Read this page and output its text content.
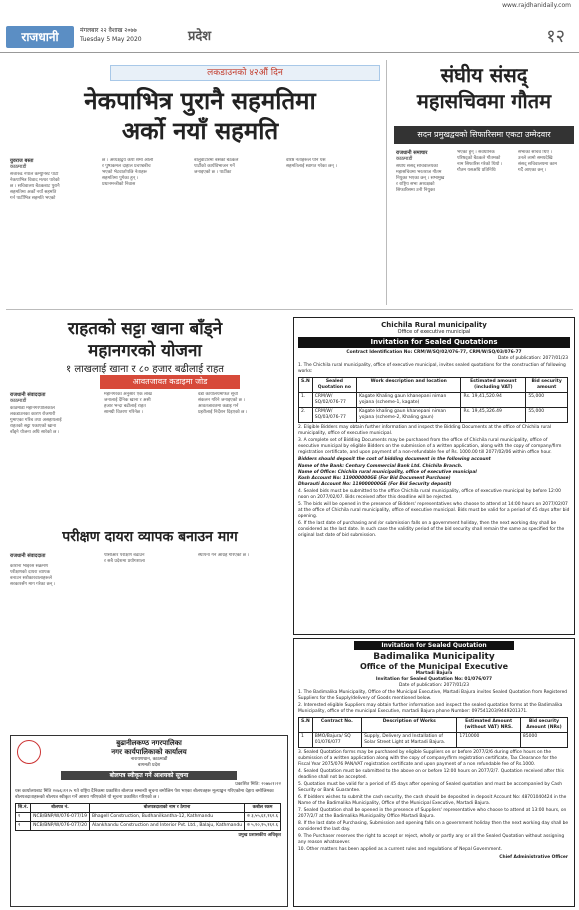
www.rajdhanidaily.com
राजधानी	मंगलबार २२ वैशाख २०७७
Tuesday 5 May 2020	प्रदेश	१२
लकडाउनको ४२औं दिन
नेकपाभित्र पुरानै सहमतिमा
अर्को नयाँ सहमति
युवराज बस्ता
काठमाडौं
सत्तारुढ नेपाल कम्युनिस्ट पार्टी
नेकपाभित्र विवाद मत्थर पारेको
छ । सचिवालय बैठकबाट पुरानै
सहमतिमा अर्को नयाँ सहमति
गर्न पार्टीभित्र सहमति भएको
छ । अध्यक्षद्वय केपी शर्मा ओली
र पुष्पकमल दाहाल प्रचण्डबीच
भएको भेटवार्तापछि नेताहरू
सहमतिमा पुगेका हुन् ।
प्रधानमन्त्रीको निवास
बालुवाटारमा बसेको बैठकले
पार्टीको कार्यविभाजन गर्ने
जनाइएको छ । पार्टीका
वरिष्ठ नेताहरूले पनि यस
सहमतिलाई स्वागत गरेका छन् ।
संघीय संसद्
महासचिवमा गौतम
सदन प्रमुखद्वयको सिफारिसमा एकटा उम्मेदवार
राजधानी समाचार
काठमाडौं
संघीय संसद् सचिवालयको
महासचिवमा भरतराज गौतम
नियुक्त भएका छन् । सभामुख
र राष्ट्रिय सभा अध्यक्षको
सिफारिसमा उनी नियुक्त
भएका हुन् । संवैधानिक
परिषद्को बैठकले गौतमको
नाम सिफारिस गरेको थियो ।
गौतम यसअघि प्रतिनिधि
सभाका सचिव थिए ।
उनले लामो समयदेखि
संसद् सचिवालयमा काम
गर्दै आएका छन् ।
राहतको सट्टा खाना बाँड्ने
महानगरको योजना
१ लाखलाई खाना र ८० हजार बढीलाई राहत
आवतजावत कडाइमा जोड
राजधानी संवाददाता
काठमाडौं
काठमाडौं महानगरपालिकाले
लकडाउनका कारण रोजगारी
गुमाएका गरिब तथा असहायलाई
राहतको सट्टा पकाएको खाना
बाँड्ने योजना अघि सारेको छ ।
महानगरका अनुसार एक लाख
जनालाई दैनिक खाना र असी
हजार भन्दा बढीलाई राहत
सामग्री वितरण गरिनेछ ।
वडा कार्यालयमार्फत सूची
संकलन गरिने जनाइएको छ ।
आवतजावतमा कडाइ गर्न
प्रहरीलाई निर्देशन दिइएको छ ।
परीक्षण दायरा व्यापक बनाउन माग
राजधानी संवाददाता
कोरोना भाइरस संक्रमण
परीक्षणको दायरा व्यापक
बनाउन सरोकारवालाहरूले
सरकारसँग माग गरेका छन् ।
पीसीआर परीक्षण बढाउन
र सबै प्रदेशमा प्रयोगशाला
स्थापना गर्न आग्रह गरिएको छ ।
Chichila Rural municipality
Office of executive municipal
Invitation for Sealed Quotations
Contract Identification No: CRM/W/SQ/02/076-77, CRM/W/SQ/03/076-77
Date of publication: 2077/01/23
1. The Chichila rural municipality, office of executive municipal, invites sealed quotations for the construction of following works:
S.N	Sealed Quotation no	Work description and location	Estimated amount (including VAT)	Bid security amount
1.	CRM/W/ SQ/02/076-77	Kagate Khaling gaun khanepani niman yojana (scheme-1, kagate)	Rs. 19,41,520.94	55,000
2.	CRM/W/ SQ/03/076-77	Kagate khaling gaun khanepani niman yojana (scheme-2, Khaling gaun)	Rs. 19,45,326.49	55,000
2. Eligible Bidders may obtain further information and inspect the Bidding Documents at the office of Chichila rural municipality, office of executive municipal.
3. A complete set of Bidding Documents may be purchased from the office of Chichila rural municipality, office of executive municipal by eligible Bidders on the submission of a written application, along with the copy of company/firm registration certificate, and upon payment of a non-refundable fee of Rs. 1000.00 till 2077/02/06 within office hour.
Bidders should deposit the cost of bidding document in the following account
Name of the Bank: Century Commercial Bank Ltd. Chichila Branch.
Name of Office: Chichila rural municipality, office of executive municipal
Kosh Account No: 119000000GE (For Bid Document Purchase)
Dharauti Account No: 119000000GE (For Bid Security deposit)
4. Sealed bids must be submitted to the office Chichila rural municipality, office of executive municipal by before 12:00 noon on 2077/02/07. Bids received after this deadline will be rejected.
5. The bids will be opened in the presence of Bidders' representatives who choose to attend at 14:00 hours on 2077/02/07 at the office of Chichila rural municipality, office of executive municipal. Bids must be valid for a period of 45 days after bid opening.
6. If the last date of purchasing and /or submission falls on a government holiday, then the next working day shall be considered as the last date. In such case the validity period of the bid security shall remain the same as specified for the original last date of bid submission.
Invitation for Sealed Quotation
Badimalika Municipality
Office of the Municipal Executive
Martadi Bajura
Invitation for Sealed Quotation No: 01/076/077
Date of publication: 2077/01/23
1. The Badimalika Municipality, Office of the Municipal Executive, Martadi Bajura invites Sealed Quotation from Registered Suppliers for the Supply/delivery of Goods mentioned below.
2. Interested eligible Suppliers may obtain further information and inspect the sealed quotation forms at the Badimalika Municipality, office of the municipal Executive, martadi Bajura phone Number: 097541203/9449201371.
S.N	Contract No.	Description of Works	Estimated Amount (without VAT) NRS.	Bid security Amount (NRs)
1	BMO/Bajura/ SQ 01/076/077	Supply, Delivery and Installation of Solar Street Light at Martadi Bajura.	1710000	85000
3. Sealed Quotation forms may be purchased by eligible Suppliers on or before 2077/2/6 during office hours on the submission of a written application along with the copy of company/firm registration certificate, Tax Clearance for the Fiscal Year 2075/076 PAN/VAT registration certificate and upon payment of a non refundable fee of Rs.1000.
4. Sealed Quotation must be submitted to the above on or before 12:00 hours on 2077/2/7. Quotation received after this deadline shall not be accepted.
5. Quotation must be valid for a period of 45 days after opening of Sealed quotation and must be accompanied by Cash Security or Bank Guarantee.
6. If bidders wishes to submit the cash security, the cash should be deposited in deposit Account No: 48701040424 in the Name of the Badimalika Municipality, Office of the Municipal Executive, Martadi Bajura.
7. Sealed Quotation shall be opened in the presence of Suppliers' representative who choose to attend at 13:00 hours, on 2077/2/7 at the Badimalika Municipality Office Martadi Bajura.
8. If the last date of Purchasing, Submission and opening falls on a government holiday then the next working day shall be considered the last day.
9. The Purchaser reserves the right to accept or reject, wholly or partly any or all the Sealed Quotation without assigning any reason whatsoever.
10. Other matters has been applied as a current rules and regulations of Nepal Government.
Chief Administrative Officer
बुढानीलकण्ठ नगरपालिका
नगर कार्यपालिकाको कार्यालय
नारायणथान, काठमाडौं
बागमती प्रदेश
बोलपत्र स्वीकृत गर्ने आशयको सूचना
प्रकाशित मिति: २०७७।१।२२
यस कार्यालयबाट मिति २०७६।१२।५ गते राष्ट्रिय दैनिकमा प्रकाशित बोलपत्र सम्बन्धी सूचना बमोजिम पेश भएका बोलपत्रहरू मूल्याङ्कन गरिएकोमा देहाय बमोजिमका बोलपत्रदाताहरूको बोलपत्र स्वीकृत गर्ने आशय गरिएकोले यो सूचना प्रकाशित गरिएको छ ।
सि.नं.	बोलपत्र नं.	बोलपत्रदाताको नाम र ठेगाना	कबोल रकम
१	NCB/BNP/W/076-077/19	Bhagell Construction, Budhanilkantha-12, Kathmandu	रु ३,५५,६१,१६२.६
२	NCB/BNP/W/076-077/20	Alankhandu Construction and Interior Pvt. Ltd., Balaju, Kathmandu	रु ५,१०,१५,१६२.६
प्रमुख प्रशासकीय अधिकृत
